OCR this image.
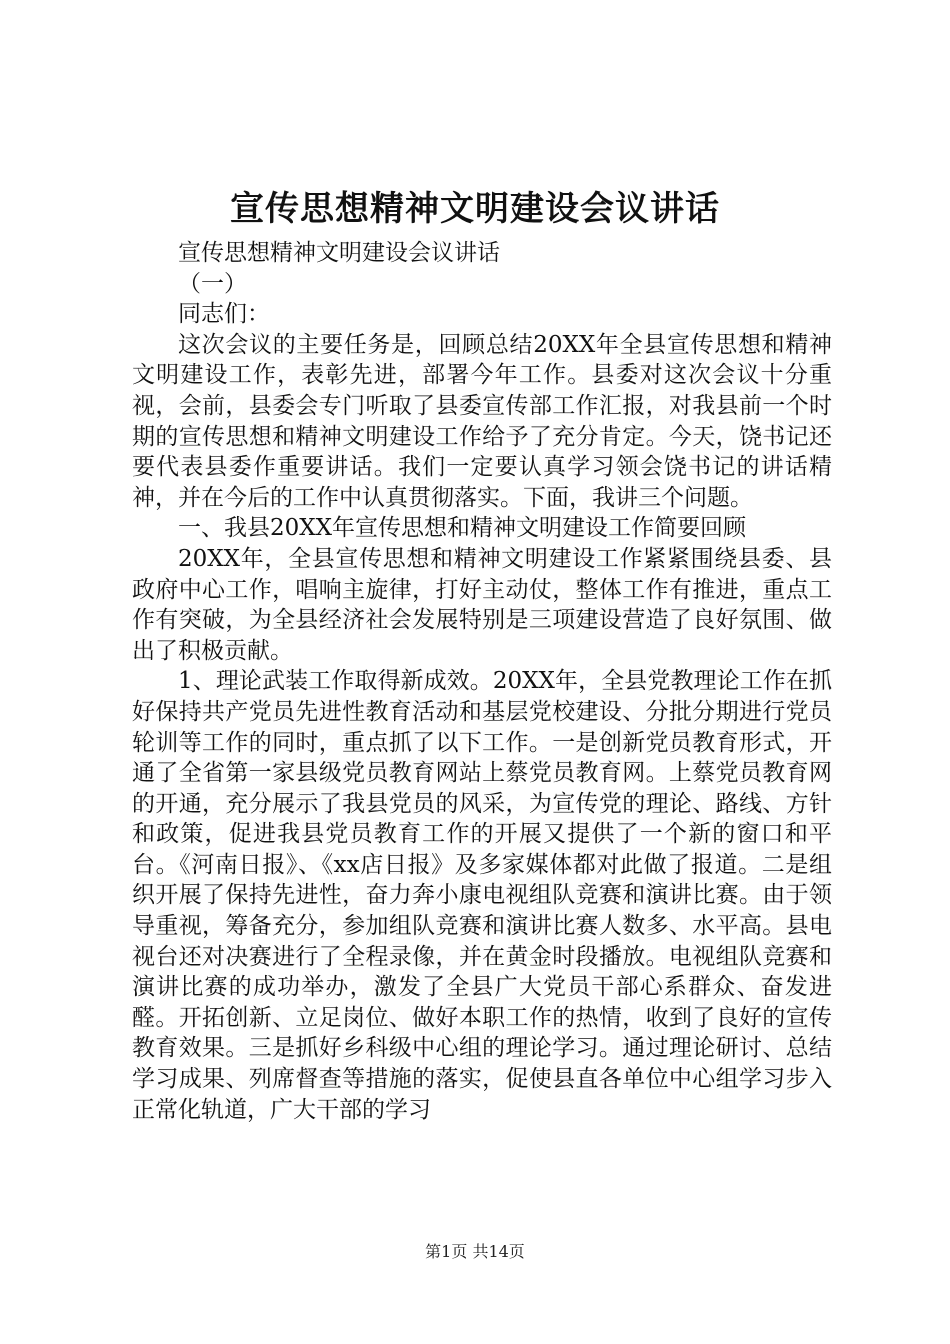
宣传思想精神文明建设会议讲话

宣传思想精神文明建设会议讲话

（一）

同志们：

这次会议的主要任务是，回顾总结20XX年全县宣传思想和精神文明建设工作，表彰先进，部署今年工作。县委对这次会议十分重视，会前，县委会专门听取了县委宣传部工作汇报，对我县前一个时期的宣传思想和精神文明建设工作给予了充分肯定。今天，饶书记还要代表县委作重要讲话。我们一定要认真学习领会饶书记的讲话精神，并在今后的工作中认真贯彻落实。下面，我讲三个问题。

一、我县20XX年宣传思想和精神文明建设工作简要回顾

20XX年，全县宣传思想和精神文明建设工作紧紧围绕县委、县政府中心工作，唱响主旋律，打好主动仗，整体工作有推进，重点工作有突破，为全县经济社会发展特别是三项建设营造了良好氛围、做出了积极贡献。

1、理论武装工作取得新成效。20XX年，全县党教理论工作在抓好保持共产党员先进性教育活动和基层党校建设、分批分期进行党员轮训等工作的同时，重点抓了以下工作。一是创新党员教育形式，开通了全省第一家县级党员教育网站上蔡党员教育网。上蔡党员教育网的开通，充分展示了我县党员的风采，为宣传党的理论、路线、方针和政策，促进我县党员教育工作的开展又提供了一个新的窗口和平台。《河南日报》、《xx店日报》及多家媒体都对此做了报道。二是组织开展了保持先进性，奋力奔小康电视组队竞赛和演讲比赛。由于领导重视，筹备充分，参加组队竞赛和演讲比赛人数多、水平高。县电视台还对决赛进行了全程录像，并在黄金时段播放。电视组队竞赛和演讲比赛的成功举办，激发了全县广大党员干部心系群众、奋发进醛。开拓创新、立足岗位、做好本职工作的热情，收到了良好的宣传教育效果。三是抓好乡科级中心组的理论学习。通过理论研讨、总结学习成果、列席督查等措施的落实，促使县直各单位中心组学习步入正常化轨道，广大干部的学习

第1页 共14页
